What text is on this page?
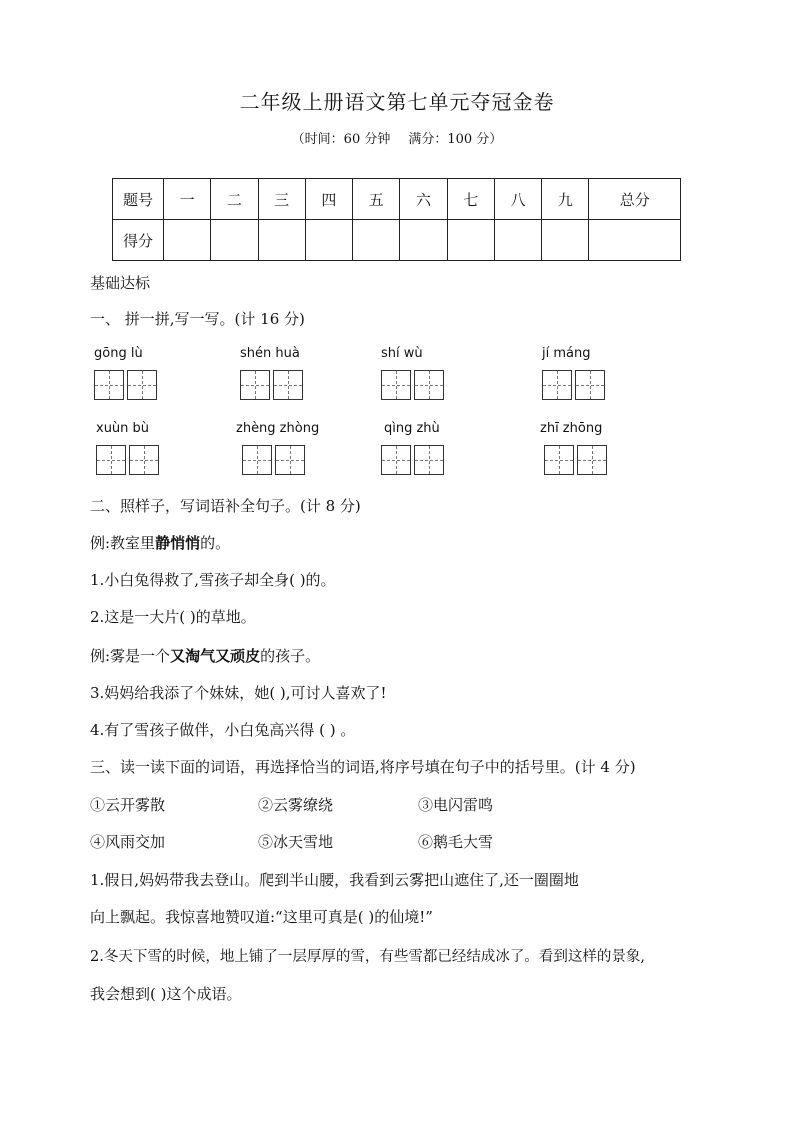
二年级上册语文第七单元夺冠金卷
（时间：60 分钟 满分：100 分）
题号	一	二	三	四	五	六	七	八	九	总分
得分										
基础达标
一、 拼一拼,写一写。(计 16 分)
gōng lù	shén huà	shí wù	jí máng
xuùn bù	zhèng zhòng	qìng zhù	zhī zhōng
二、照样子，写词语补全句子。(计 8 分)
例:教室里静悄悄的。
1.小白兔得救了,雪孩子却全身( )的。
2.这是一大片( )的草地。
例:雾是一个又淘气又顽皮的孩子。
3.妈妈给我添了个妹妹，她( ),可讨人喜欢了!
4.有了雪孩子做伴，小白兔高兴得 ( ) 。
三、读一读下面的词语，再选择恰当的词语,将序号填在句子中的括号里。(计 4 分)
①云开雾散	②云雾缭绕	③电闪雷鸣
④风雨交加	⑤冰天雪地	⑥鹅毛大雪
1.假日,妈妈带我去登山。爬到半山腰，我看到云雾把山遮住了,还一圈圈地
向上飘起。我惊喜地赞叹道:“这里可真是( )的仙境!”
2.冬天下雪的时候，地上铺了一层厚厚的雪，有些雪都已经结成冰了。看到这样的景象,
我会想到( )这个成语。
